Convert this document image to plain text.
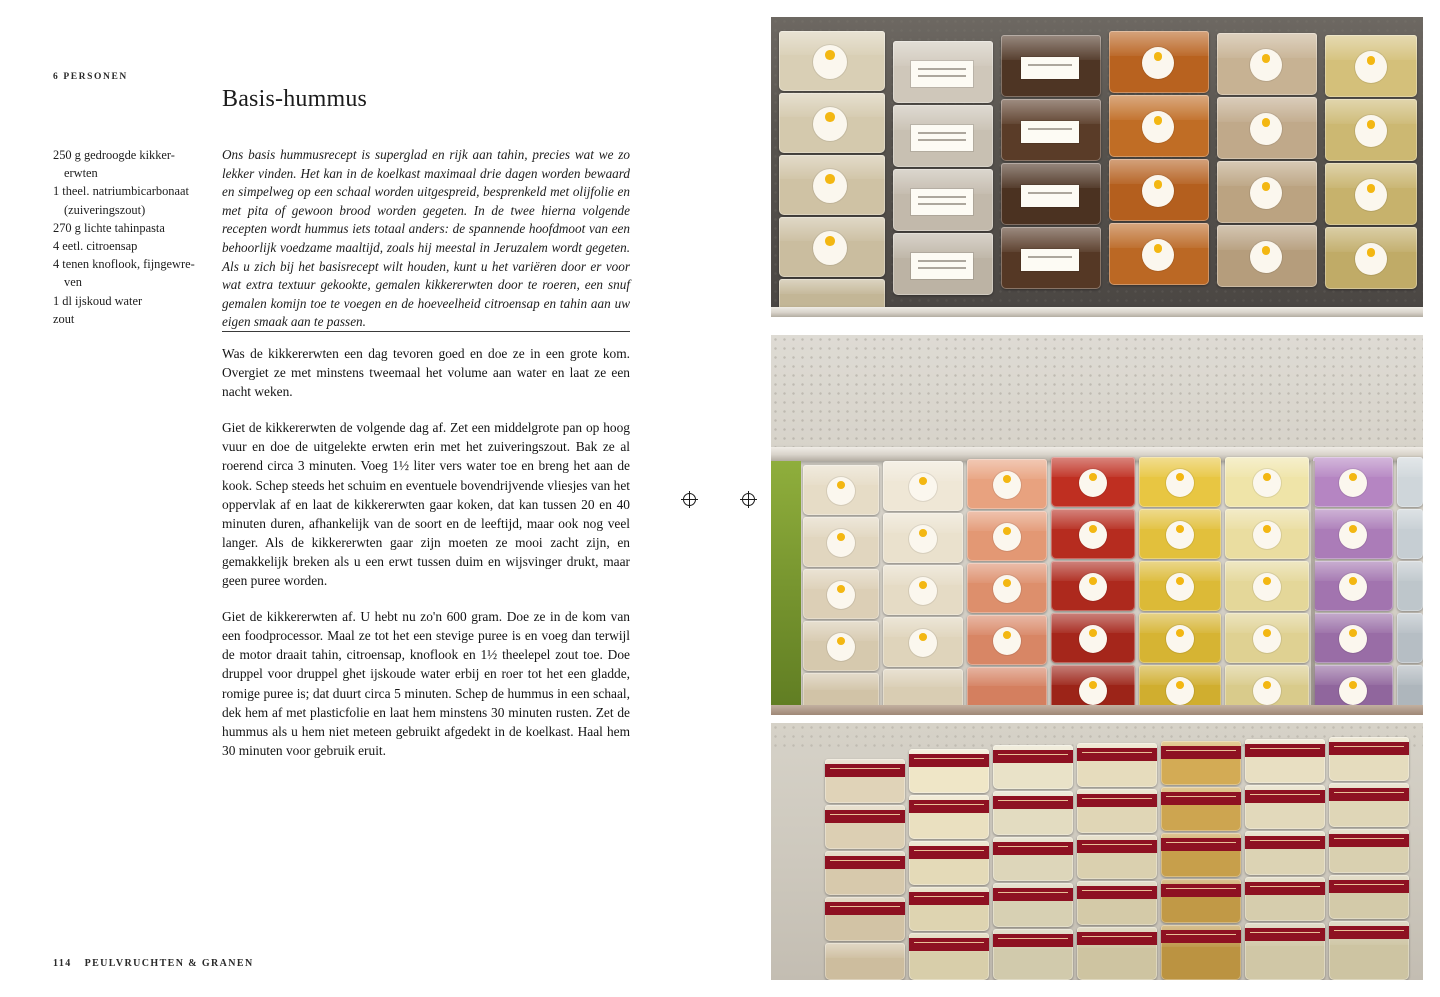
6 PERSONEN
Basis-hummus
250 g gedroogde kikker-
erwten
1 theel. natriumbicarbonaat
(zuiveringszout)
270 g lichte tahinpasta
4 eetl. citroensap
4 tenen knoflook, fijngewre-
ven
1 dl ijskoud water
zout
Ons basis hummusrecept is superglad en rijk aan tahin, precies wat we zo lekker vinden. Het kan in de koelkast maximaal drie dagen worden bewaard en simpelweg op een schaal worden uitgespreid, besprenkeld met olijfolie en met pita of gewoon brood worden gegeten. In de twee hierna volgende recepten wordt hummus iets totaal anders: de spannende hoofdmoot van een behoorlijk voedzame maaltijd, zoals hij meestal in Jeruzalem wordt gegeten. Als u zich bij het basisrecept wilt houden, kunt u het variëren door er voor wat extra textuur gekookte, gemalen kikkererwten door te roeren, een snuf gemalen komijn toe te voegen en de hoeveelheid citroensap en tahin aan uw eigen smaak aan te passen.

Was de kikkererwten een dag tevoren goed en doe ze in een grote kom. Overgiet ze met minstens tweemaal het volume aan water en laat ze een nacht weken.

Giet de kikkererwten de volgende dag af. Zet een middelgrote pan op hoog vuur en doe de uitgelekte erwten erin met het zuiveringszout. Bak ze al roerend circa 3 minuten. Voeg 1½ liter vers water toe en breng het aan de kook. Schep steeds het schuim en eventuele bovendrijvende vliesjes van het oppervlak af en laat de kikkererwten gaar koken, dat kan tussen 20 en 40 minuten duren, afhankelijk van de soort en de leeftijd, maar ook nog veel langer. Als de kikkererwten gaar zijn moeten ze mooi zacht zijn, en gemakkelijk breken als u een erwt tussen duim en wijsvinger drukt, maar geen puree worden.

Giet de kikkererwten af. U hebt nu zo'n 600 gram. Doe ze in de kom van een foodprocessor. Maal ze tot het een stevige puree is en voeg dan terwijl de motor draait tahin, citroensap, knoflook en 1½ theelepel zout toe. Doe druppel voor druppel ghet ijskoude water erbij en roer tot het een gladde, romige puree is; dat duurt circa 5 minuten. Schep de hummus in een schaal, dek hem af met plasticfolie en laat hem minstens 30 minuten rusten. Zet de hummus als u hem niet meteen gebruikt afgedekt in de koelkast. Haal hem 30 minuten voor gebruik eruit.

114 PEULVRUCHTEN & GRANEN
